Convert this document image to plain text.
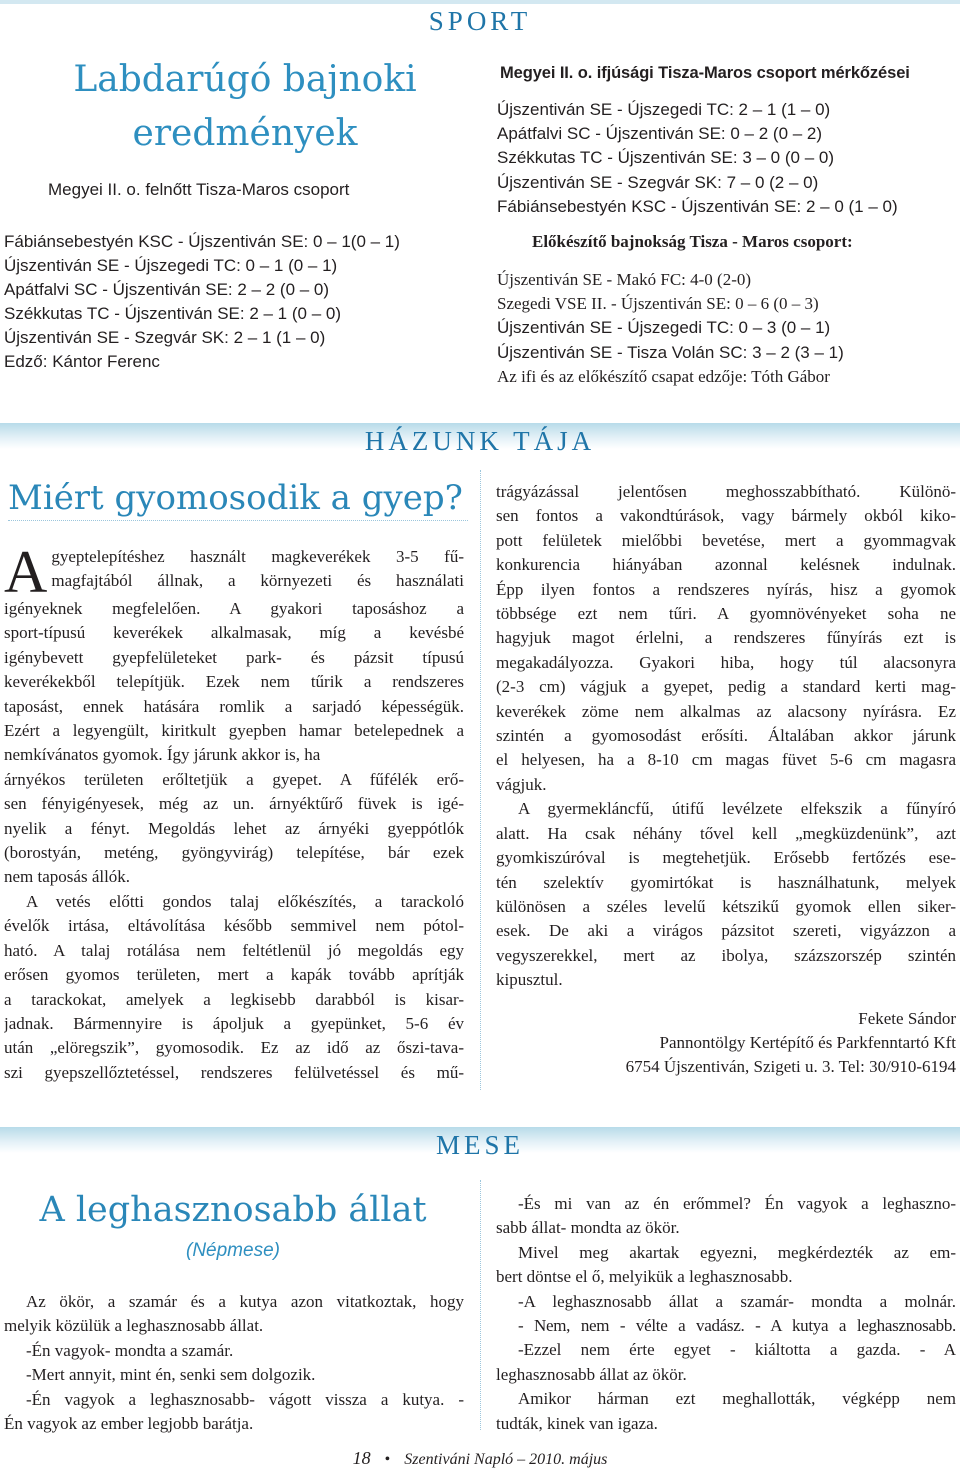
SPORT
Labdarúgó bajnoki
eredmények
Megyei II. o. felnőtt Tisza-Maros csoport
Fábiánsebestyén KSC - Újszentiván SE: 0 – 1(0 – 1)
Újszentiván SE - Újszegedi TC: 0 – 1 (0 – 1)
Apátfalvi SC - Újszentiván SE: 2 – 2 (0 – 0)
Székkutas TC - Újszentiván SE: 2 – 1 (0 – 0)
Újszentiván SE - Szegvár SK: 2 – 1 (1 – 0)
Edző: Kántor Ferenc
Megyei II. o. ifjúsági Tisza-Maros csoport mérkőzései
Újszentiván SE - Újszegedi TC: 2 – 1 (1 – 0)
Apátfalvi SC - Újszentiván SE: 0 – 2 (0 – 2)
Székkutas TC - Újszentiván SE: 3 – 0 (0 – 0)
Újszentiván SE - Szegvár SK: 7 – 0 (2 – 0)
Fábiánsebestyén KSC - Újszentiván SE: 2 – 0 (1 – 0)
Előkészítő bajnokság Tisza - Maros csoport:
Újszentiván SE - Makó FC: 4-0 (2-0)
Szegedi VSE II. - Újszentiván SE: 0 – 6 (0 – 3)
Újszentiván SE - Újszegedi TC: 0 – 3 (0 – 1)
Újszentiván SE - Tisza Volán SC: 3 – 2 (3 – 1)
Az ifi és az előkészítő csapat edzője: Tóth Gábor
HÁZUNK TÁJA
Miért gyomosodik a gyep?
A gyeptelepítéshez használt magkeverékek 3-5 fű-
magfajtából állnak, a környezeti és használati
igényeknek megfelelően. A gyakori taposáshoz a
sport-típusú keverékek alkalmasak, míg a kevésbé
igénybevett gyepfelületeket park- és pázsit típusú
keverékekből telepítjük. Ezek nem tűrik a rendszeres
taposást, ennek hatására romlik a sarjadó képességük.
Ezért a legyengült, kiritkult gyepben hamar betelepednek a nemkívánatos gyomok. Így járunk akkor is, ha
árnyékos területen erőltetjük a gyepet. A fűfélék erő-
sen fényigényesek, még az un. árnyéktűrő füvek is igé-
nyelik a fényt. Megoldás lehet az árnyéki gyeppótlók
(borostyán, meténg, gyöngyvirág) telepítése, bár ezek
nem taposás állók.
A vetés előtti gondos talaj előkészítés, a tarackoló
évelők irtása, eltávolítása később semmivel nem pótol-
ható. A talaj rotálása nem feltétlenül jó megoldás egy
erősen gyomos területen, mert a kapák tovább aprítják
a tarackokat, amelyek a legkisebb darabból is kisar-
jadnak. Bármennyire is ápoljuk a gyepünket, 5-6 év
után „elöregszik”, gyomosodik. Ez az idő az őszi-tava-
szi gyepszellőztetéssel, rendszeres felülvetéssel és mű-
trágyázással jelentősen meghosszabbítható. Különö-
sen fontos a vakondtúrások, vagy bármely okból kiko-
pott felületek mielőbbi bevetése, mert a gyommagvak
konkurencia hiányában azonnal kelésnek indulnak.
Épp ilyen fontos a rendszeres nyírás, hisz a gyomok
többsége ezt nem tűri. A gyomnövényeket soha ne
hagyjuk magot érlelni, a rendszeres fűnyírás ezt is
megakadályozza. Gyakori hiba, hogy túl alacsonyra
(2-3 cm) vágjuk a gyepet, pedig a standard kerti mag-
keverékek zöme nem alkalmas az alacsony nyírásra. Ez
szintén a gyomosodást erősíti. Általában akkor járunk
el helyesen, ha a 8-10 cm magas füvet 5-6 cm magasra
vágjuk.
A gyermekláncfű, útifű levélzete elfekszik a fűnyíró
alatt. Ha csak néhány tővel kell „megküzdenünk”, azt
gyomkiszúróval is megtehetjük. Erősebb fertőzés ese-
tén szelektív gyomirtókat is használhatunk, melyek
különösen a széles levelű kétszikű gyomok ellen siker-
esek. De aki a virágos pázsitot szereti, vigyázzon a
vegyszerekkel, mert az ibolya, százszorszép szintén
kipusztul.
Fekete Sándor
Pannontölgy Kertépítő és Parkfenntartó Kft
6754 Újszentiván, Szigeti u. 3. Tel: 30/910-6194
MESE
A leghasznosabb állat
(Népmese)
Az ökör, a szamár és a kutya azon vitatkoztak, hogy
melyik közülük a leghasznosabb állat.
-Én vagyok- mondta a szamár.
-Mert annyit, mint én, senki sem dolgozik.
-Én vagyok a leghasznosabb- vágott vissza a kutya. -
Én vagyok az ember legjobb barátja.
-És mi van az én erőmmel? Én vagyok a leghaszno-
sabb állat- mondta az ökör.
Mivel meg akartak egyezni, megkérdezték az em-
bert döntse el ő, melyikük a leghasznosabb.
-A leghasznosabb állat a szamár- mondta a molnár.
- Nem, nem - vélte a vadász. - A kutya a leghasznosabb.
-Ezzel nem érte egyet - kiáltotta a gazda. - A
leghasznosabb állat az ökör.
Amikor hárman ezt meghallották, végképp nem
tudták, kinek van igaza.
18 • Szentiváni Napló – 2010. május
